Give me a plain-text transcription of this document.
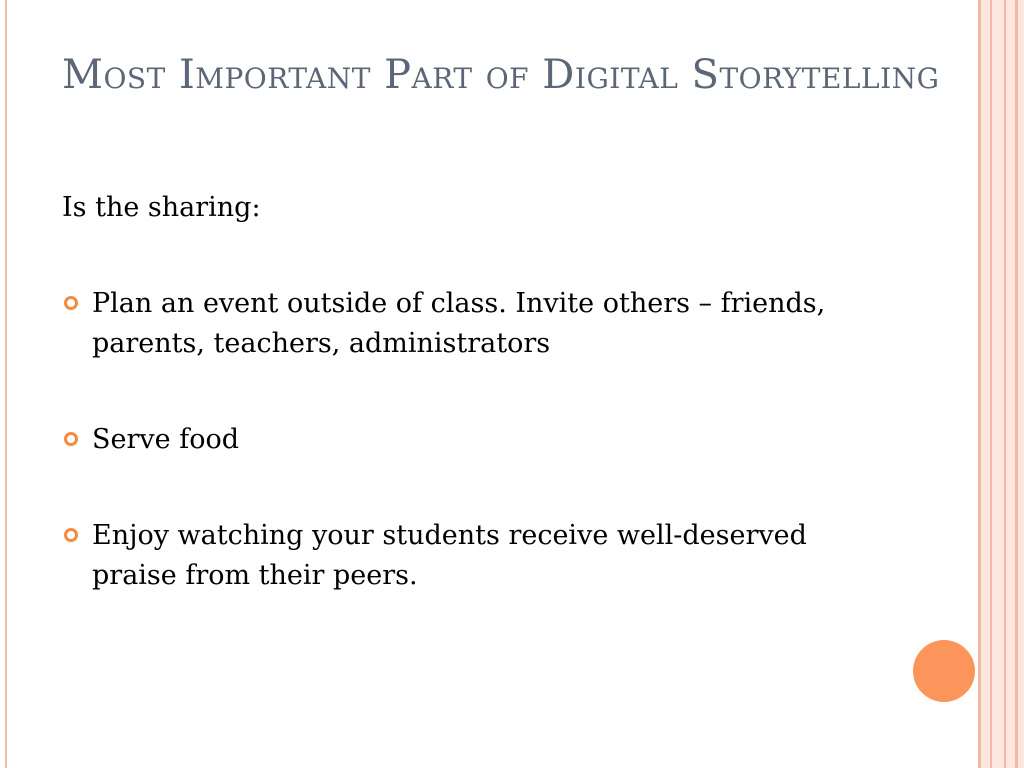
Most Important Part of Digital Storytelling

Is the sharing:

Plan an event outside of class. Invite others – friends, parents, teachers, administrators
Serve food
Enjoy watching your students receive well-deserved praise from their peers.
